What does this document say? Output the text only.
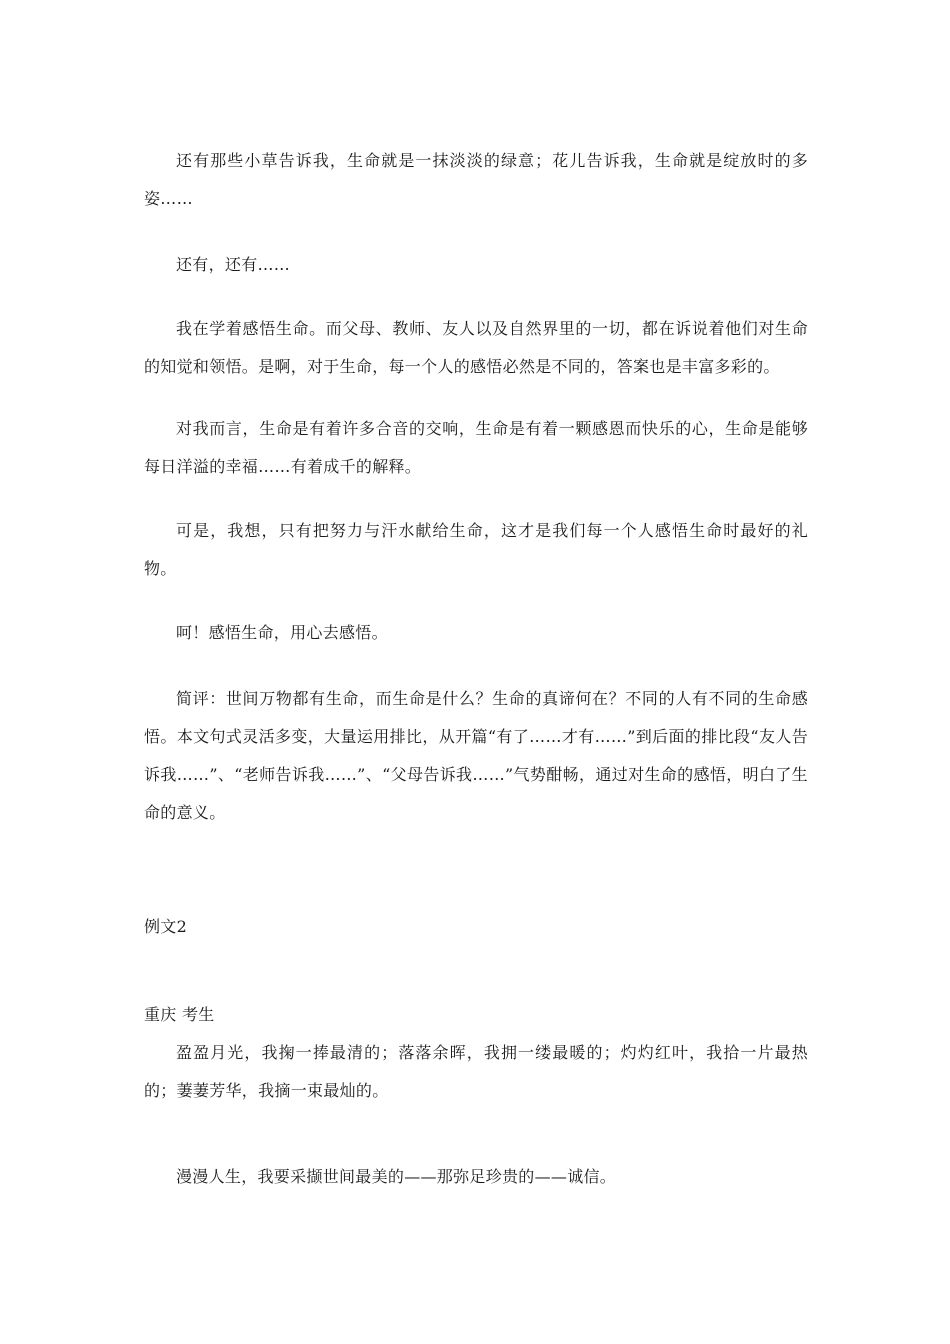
还有那些小草告诉我，生命就是一抹淡淡的绿意；花儿告诉我，生命就是绽放时的多姿……

还有，还有……

我在学着感悟生命。而父母、教师、友人以及自然界里的一切，都在诉说着他们对生命的知觉和领悟。是啊，对于生命，每一个人的感悟必然是不同的，答案也是丰富多彩的。

对我而言，生命是有着许多合音的交响，生命是有着一颗感恩而快乐的心，生命是能够每日洋溢的幸福……有着成千的解释。

可是，我想，只有把努力与汗水献给生命，这才是我们每一个人感悟生命时最好的礼物。

呵！感悟生命，用心去感悟。

简评：世间万物都有生命，而生命是什么？生命的真谛何在？不同的人有不同的生命感悟。本文句式灵活多变，大量运用排比，从开篇“有了……才有……”到后面的排比段“友人告诉我……”、“老师告诉我……”、“父母告诉我……”气势酣畅，通过对生命的感悟，明白了生命的意义。

例文2

重庆 考生

盈盈月光，我掬一捧最清的；落落余晖，我拥一缕最暖的；灼灼红叶，我拾一片最热的；萋萋芳华，我摘一束最灿的。

漫漫人生，我要采撷世间最美的——那弥足珍贵的——诚信。
